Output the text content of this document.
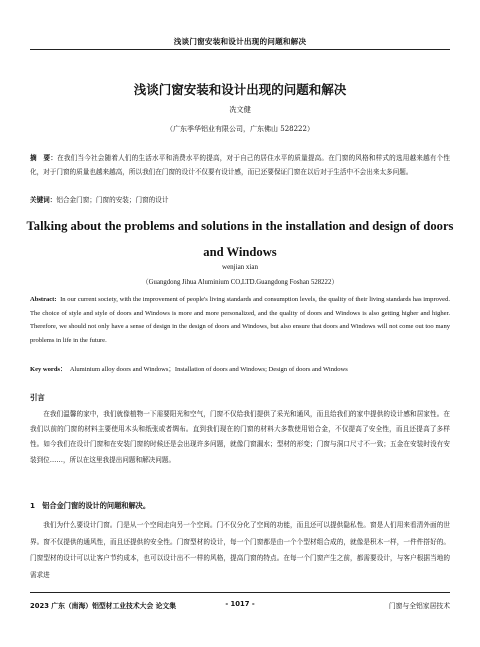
浅谈门窗安装和设计出现的问题和解决
浅谈门窗安装和设计出现的问题和解决
冼文健
（广东季华铝业有限公司，广东佛山 528222）
摘　要：在我们当今社会随着人们的生活水平和消费水平的提高，对于自己的居住水平的质量提高。在门窗的风格和样式的选用越来越有个性化，对于门窗的质量也越来越高，所以我们在门窗的设计不仅要有设计感，而已还要保证门窗在以后对于生活中不会出来太多问题。
关键词：铝合金门窗；门窗的安装；门窗的设计
Talking about the problems and solutions in the installation and design of doors and Windows
wenjian xian
（Guangdong Jihua Aluminium CO,LTD.Guangdong Foshan 528222）
Abstract: In our current society, with the improvement of people's living standards and consumption levels, the quality of their living standards has improved. The choice of style and style of doors and Windows is more and more personalized, and the quality of doors and Windows is also getting higher and higher. Therefore, we should not only have a sense of design in the design of doors and Windows, but also ensure that doors and Windows will not come out too many problems in life in the future.
Key words： Aluminium alloy doors and Windows；Installation of doors and Windows; Design of doors and Windows
引言
在我们温馨的家中，我们就像植物一下需要阳光和空气，门窗不仅给我们提供了采光和通风，而且给我们的家中提供的设计感和居家性。在我们以前的门窗的材料主要使用木头和纸张或者绸布。直到我们现在的门窗的材料大多数使用铝合金，不仅提高了安全性，而且还提高了多样性。如今我们在设计门窗和在安装门窗的时候还是会出现许多问题，就像门窗漏水；型材的形变；门窗与洞口尺寸不一致；五金在安装时没有安装到位……，所以在这里我提出问题和解决问题。
1　铝合金门窗的设计的问题和解决。
我们为什么要设计门窗。门是从一个空间走向另一个空间。门不仅分化了空间的功能，而且还可以提供隐私性。窗是人们用来看清外面的世界。窗不仅提供的通风性，而且还提供的安全性。门窗型材的设计，每一个门窗都是由一个个型材组合成的，就像是积木一样，一件件搭好的。门窗型材的设计可以让客户节约成本，也可以设计出不一样的风格，提高门窗的特点。在每一个门窗产生之前，都需要设计，与客户根据当地的需求进
2023 广东（南海）铝型材工业技术大会 论文集	- 1017 -	门窗与全铝家居技术
